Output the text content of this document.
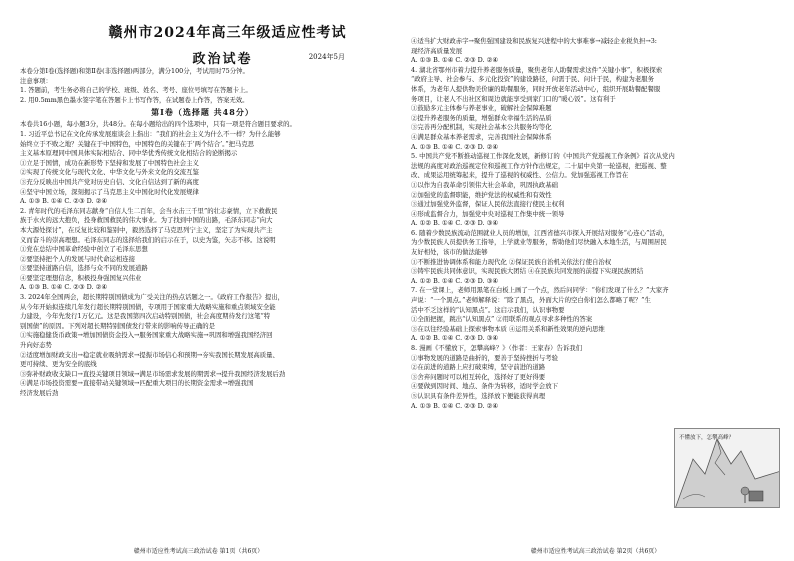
赣州市2024年高三年级适应性考试
政治试卷	2024年5月

本卷分第Ⅰ卷(选择题)和第Ⅱ卷(非选择题)两部分，满分100分，考试用时75分钟。

注意事项：

1. 答题前，考生务必将自己的学校、班级、姓名、考号、座位号填写在答题卡上。

2. 用0.5mm黑色墨水签字笔在答题卡上书写作答，在试题卷上作答，答案无效。

第Ⅰ卷（选择题 共48分）

本卷共16小题，每小题3分，共48分。在每小题给出的四个选项中，只有一项是符合题目要求的。

1. 习近平总书记在文化传承发展座谈会上指出：“我们的社会主义为什么不一样？为什么能够

始终立于不败之地？关键在于中国特色，中国特色的关键在于‘两个结合’。”把马克思

主义基本原理同中国具体实际相结合、同中华优秀传统文化相结合的论断揭示

①立足于国情，成功在新形势下坚持和发展了中国特色社会主义

②实现了传统文化与现代文化、中华文化与外来文化的交流互鉴

③充分反映出中国共产党对历史自信、文化自信达到了新的高度

④坚守中国立场，深刻揭示了马克思主义中国化时代化发展规律

A. ①③ B. ①④ C. ②③ D. ②④

2. 青年时代的毛泽东同志献身“自信人生二百年，会当水击三千里”的壮志豪情，立下救救民

族于水火的远大抱负，投身救国救民的伟大事业。为了找到中国的出路，毛泽东同志“向大

本大源处探讨”，在反复比较和鉴别中，毅然选择了马克思列宁主义，坚定了为实现共产主

义而奋斗的崇高理想。毛泽东同志的选择给我们的启示在于，以史为鉴，矢志不移。这说明

①党在总结中国革命经验中创立了毛泽东思想

②要坚持把个人的发展与时代命运相连接

③要坚持道路自信，选择与众不同的发展道路

④要坚定理想信念，积极投身强国复兴伟业

A. ①③ B. ①④ C. ②③ D. ②④

3. 2024年全国两会，超长期特别国债成为广受关注的热点话题之一。《政府工作报告》提出，

从今年开始拟连续几年发行超长期特别国债，专项用于国家重大战略实施和重点领域安全能

力建设，今年先发行1万亿元。这是我国第四次启动特别国债，社会高度期待发行这笔“特

别国债”的原因。下列对超长期特别国债发行带来的影响传导正确的是

①实施稳健货币政策→增加国债资金投入→服务国家重大战略实施→巩固和增强我国经济回

升向好态势

②适度增加财政支出→稳定就业吸纳需求→提振市场信心和预期→夯实我国长期发展高质量、

更可持续、更为安全的底线

③弥补财政收支缺口→直投关键项目领域→满足市场需求发展的期需求→提升我国经济发展后劲

④满足市场投资需要→直接带动关键领域→匹配重大项目的长期资金需求→增强我国

经济发展后劲

赣州市适应性考试高三政治试卷 第1页（共6页）

④适当扩大财政赤字→聚焦强国建设和民族复兴进程中的大事难事→减轻企业税负担→3:

现经济高质量发展

A. ①③ B. ①④ C. ②③ D. ②④

4. 湖北省鄂州市着力提升养老服务质量，聚焦老年人助餐需求这件“关键小事”，积极探索

“政府主导、社会参与、多元化投资”的建设路径，问需于民、问计于民，构建为老服务

体系，为老年人提供物美价廉的助餐服务，同时开放老年活动中心，组织开展助餐配餐服

务项目，让老人不出社区和周边就能享受到家门口的“暖心饭”。这有利于

①鼓励多元主体参与养老事业，破解社会保障难题

②提升养老服务的质量，增强群众幸福生活的品质

③完善再分配机制，实现社会基本公共服务均等化

④满足群众基本养老需求，完善我国社会保障体系

A. ①③ B. ①④ C. ②③ D. ②④

5. 中国共产党不断推动巡视工作深化发展，新修订的《中国共产党巡视工作条例》首次从党内

法规的高度对政治巡视定位和巡视工作方针作出规定，二十届中央第一轮巡视，把巡视、整

改、成果运用统筹起来，提升了巡视的权威性、公信力。党加强巡视工作旨在

①以作为自我革命引领伟大社会革命，巩固执政基础

②加强党的监督职能，维护党法的权威性和有效性

③通过加强党外监督，保证人民依法直接行使民主权利

④形成监督合力，加强党中央对巡视工作集中统一领导

A. ①② B. ①④ C. ②③ D. ③④

6. 随着少数民族流动范围就业人员的增加，江西省德兴市探入开展结对服务“心连心”活动，

为少数民族人员提供务工指导，上学就业等服务，帮助他们尽快融入本地生活，与周围居民

友好相处，该市的做法能够

①不断推进协调体系和能力现代化 ②保证民族自治机关依法行使自治权

③铸牢民族共同体意识，实现民族大团结 ④在民族共同发展的前提下实现民族团结

A. ①② B. ①④ C. ②③ D. ③④

7. 在一堂课上，老师用黑笔在白板上画了一个点，然后问同学：“你们发现了什么？”大家齐

声说：“一个黑点。”老师解释说：“除了黑点，外面大片的空白你们怎么都略了呢？”生

活中不乏这样的“认知黑点”。这启示我们，认识事物要

①全面把握，跳出“认知黑点” ②用联系的观点寻求多种性的答案

③在以往经验基础上探索事物本质 ④运用关系和新性效果的逆向思维

A. ①② B. ①④ C. ②③ D. ③④

8. 漫画《不懂放下，怎攀高峰？》（作者：王家春）告诉我们

①事物发展的道路是曲折的，要善于坚持挫折与考验

②在前进的道路上应打破束缚，坚守前进的道路

③舍弃问题时可以相互转化，选择好了更好得要

④要做到因时间、地点、条件为转移，适时学会放下

⑤认识具有条件差异性，选择放下便能获得真理

A. ①③ B. ①④ C. ②③ D. ②④

不懂放下，怎攀高峰？
赣州市适应性考试高三政治试卷 第2页（共6页）
